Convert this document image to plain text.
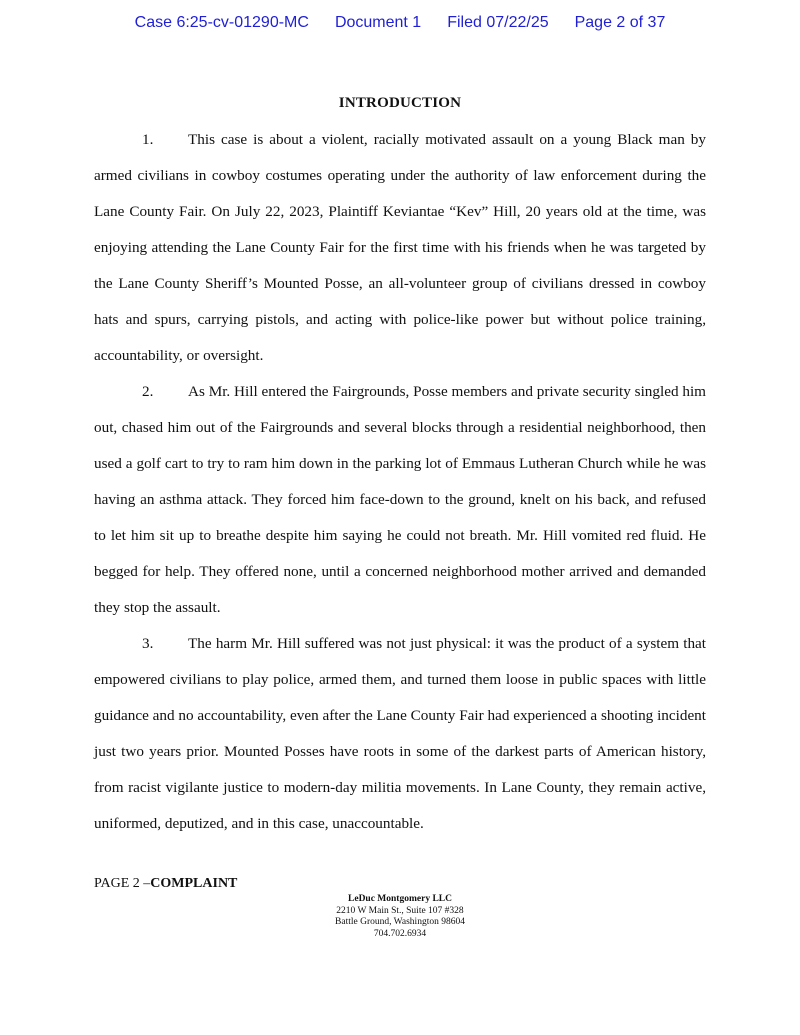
Case 6:25-cv-01290-MC Document 1 Filed 07/22/25 Page 2 of 37
INTRODUCTION

1. This case is about a violent, racially motivated assault on a young Black man by armed civilians in cowboy costumes operating under the authority of law enforcement during the Lane County Fair. On July 22, 2023, Plaintiff Keviantae “Kev” Hill, 20 years old at the time, was enjoying attending the Lane County Fair for the first time with his friends when he was targeted by the Lane County Sheriff’s Mounted Posse, an all-volunteer group of civilians dressed in cowboy hats and spurs, carrying pistols, and acting with police-like power but without police training, accountability, or oversight.

2. As Mr. Hill entered the Fairgrounds, Posse members and private security singled him out, chased him out of the Fairgrounds and several blocks through a residential neighborhood, then used a golf cart to try to ram him down in the parking lot of Emmaus Lutheran Church while he was having an asthma attack. They forced him face-down to the ground, knelt on his back, and refused to let him sit up to breathe despite him saying he could not breath. Mr. Hill vomited red fluid. He begged for help. They offered none, until a concerned neighborhood mother arrived and demanded they stop the assault.

3. The harm Mr. Hill suffered was not just physical: it was the product of a system that empowered civilians to play police, armed them, and turned them loose in public spaces with little guidance and no accountability, even after the Lane County Fair had experienced a shooting incident just two years prior. Mounted Posses have roots in some of the darkest parts of American history, from racist vigilante justice to modern-day militia movements. In Lane County, they remain active, uniformed, deputized, and in this case, unaccountable.

PAGE 2 –COMPLAINT
LeDuc Montgomery LLC
2210 W Main St., Suite 107 #328
Battle Ground, Washington 98604
704.702.6934
